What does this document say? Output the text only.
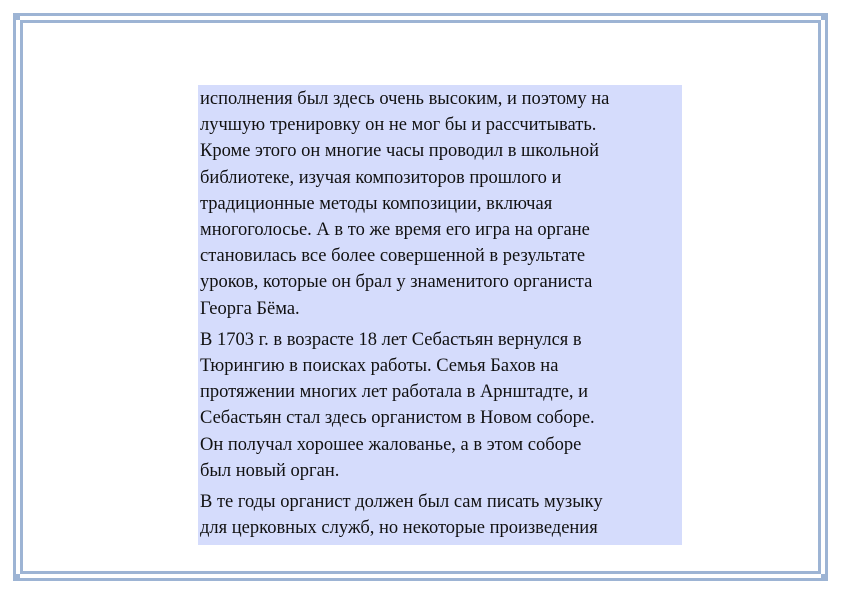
исполнения был здесь очень высоким, и поэтому на
лучшую тренировку он не мог бы и рассчитывать.
Кроме этого он многие часы проводил в школьной
библиотеке, изучая композиторов прошлого и
традиционные методы композиции, включая
многоголосье. А в то же время его игра на органе
становилась все более совершенной в результате
уроков, которые он брал у знаменитого органиста
Георга Бёма.

В 1703 г. в возрасте 18 лет Себастьян вернулся в
Тюрингию в поисках работы. Семья Бахов на
протяжении многих лет работала в Арнштадте, и
Себастьян стал здесь органистом в Новом соборе.
Он получал хорошее жалованье, а в этом соборе
был новый орган.

В те годы органист должен был сам писать музыку
для церковных служб, но некоторые произведения
